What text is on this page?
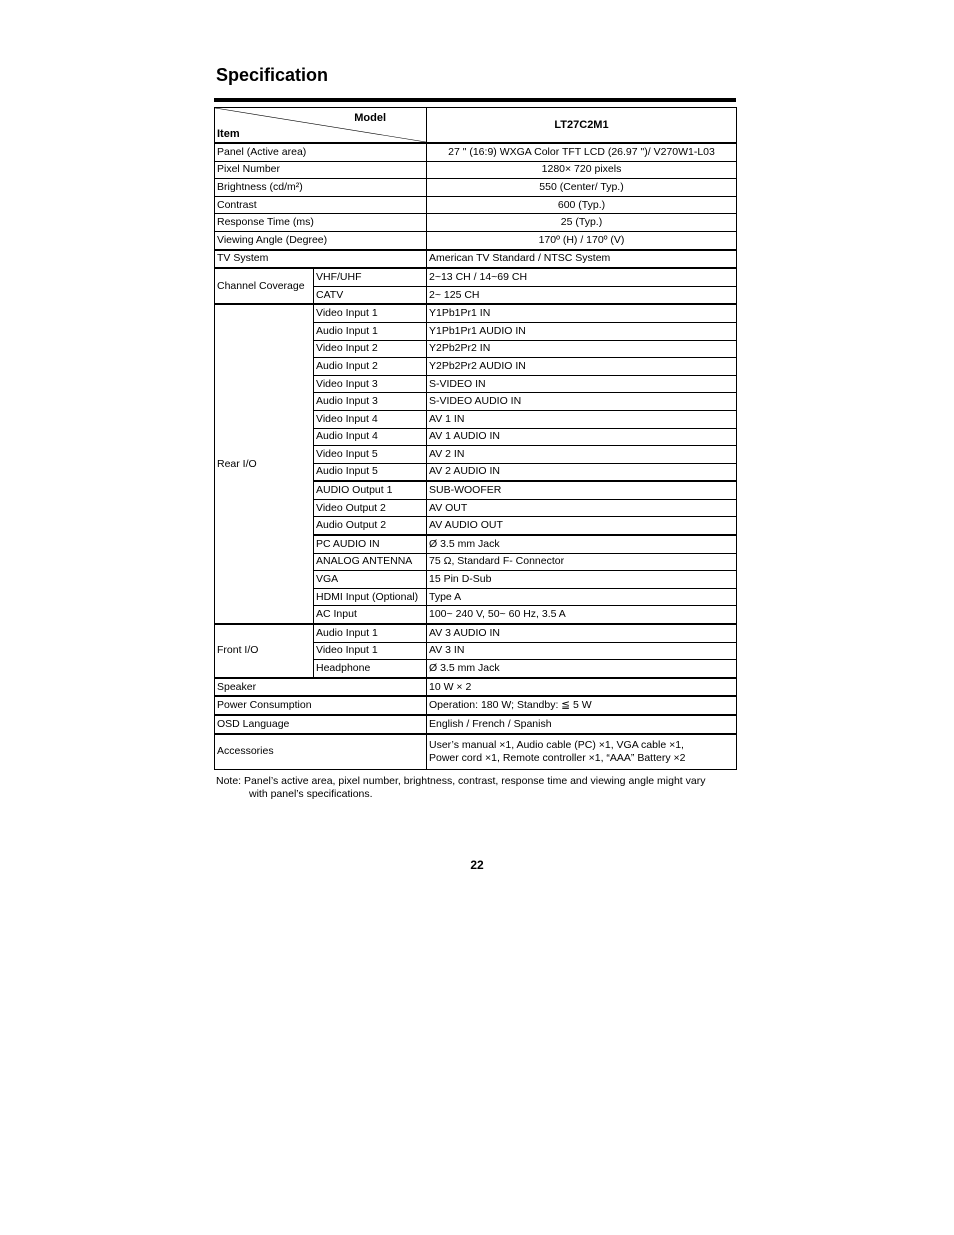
Specification
Model
Item		LT27C2M1
Panel (Active area)		27 " (16:9) WXGA Color TFT LCD (26.97 ")/ V270W1-L03
Pixel Number		1280× 720 pixels
Brightness (cd/m²)		550 (Center/ Typ.)
Contrast		600 (Typ.)
Response Time (ms)		25 (Typ.)
Viewing Angle (Degree)		170º (H) / 170º (V)
TV System		American TV Standard / NTSC System
Channel Coverage	VHF/UHF	2~13 CH / 14~69 CH
	CATV	2~ 125 CH
Rear I/O	Video Input 1	Y1Pb1Pr1 IN
	Audio Input 1	Y1Pb1Pr1 AUDIO IN
	Video Input 2	Y2Pb2Pr2 IN
	Audio Input 2	Y2Pb2Pr2 AUDIO IN
	Video Input 3	S-VIDEO IN
	Audio Input 3	S-VIDEO AUDIO IN
	Video Input 4	AV 1 IN
	Audio Input 4	AV 1 AUDIO IN
	Video Input 5	AV 2 IN
	Audio Input 5	AV 2 AUDIO IN
	AUDIO Output 1	SUB-WOOFER
	Video Output 2	AV OUT
	Audio Output 2	AV AUDIO OUT
	PC AUDIO IN	Ø 3.5 mm Jack
	ANALOG ANTENNA	75 Ω, Standard F- Connector
	VGA	15 Pin D-Sub
	HDMI Input (Optional)	Type A
	AC Input	100~ 240 V, 50~ 60 Hz, 3.5 A
Front I/O	Audio Input 1	AV 3 AUDIO IN
	Video Input 1	AV 3 IN
	Headphone	Ø 3.5 mm Jack
Speaker		10 W × 2
Power Consumption		Operation: 180 W; Standby: ≦ 5 W
OSD Language		English / French / Spanish
Accessories		User’s manual ×1, Audio cable (PC) ×1, VGA cable ×1,
Power cord ×1, Remote controller ×1, “AAA” Battery ×2
Note: Panel’s active area, pixel number, brightness, contrast, response time and viewing angle might vary
with panel’s specifications.
22
